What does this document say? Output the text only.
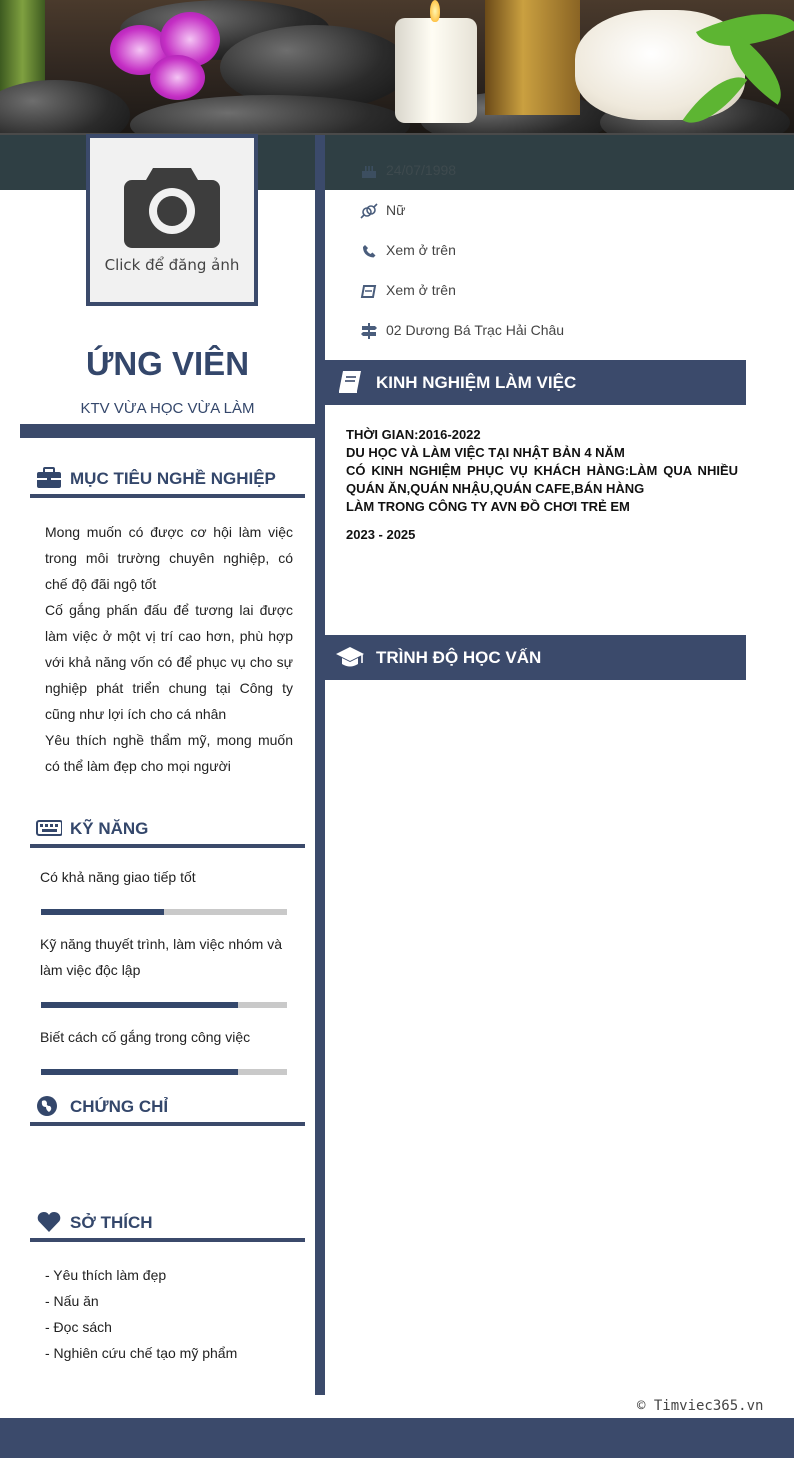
Click để đăng ảnh
ỨNG VIÊN
KTV VỪA HỌC VỪA LÀM
24/07/1998
Nữ
Xem ở trên
Xem ở trên
02 Dương Bá Trạc Hải Châu
MỤC TIÊU NGHỀ NGHIỆP
Mong muốn có được cơ hội làm việc trong môi trường chuyên nghiệp, có chế độ đãi ngộ tốt
Cố gắng phấn đấu để tương lai được làm việc ở một vị trí cao hơn, phù hợp với khả năng vốn có để phục vụ cho sự nghiệp phát triển chung tại Công ty cũng như lợi ích cho cá nhân
Yêu thích nghề thẩm mỹ, mong muốn có thể làm đẹp cho mọi người
KỸ NĂNG
Có khả năng giao tiếp tốt
Kỹ năng thuyết trình, làm việc nhóm và làm việc độc lập
Biết cách cố gắng trong công việc
CHỨNG CHỈ
SỞ THÍCH
- Yêu thích làm đẹp
- Nấu ăn
- Đọc sách
- Nghiên cứu chế tạo mỹ phẩm
KINH NGHIỆM LÀM VIỆC
THỜI GIAN:2016-2022
DU HỌC VÀ LÀM VIỆC TẠI NHẬT BẢN 4 NĂM
CÓ KINH NGHIỆM PHỤC VỤ KHÁCH HÀNG:LÀM QUA NHIỀU QUÁN ĂN,QUÁN NHẬU,QUÁN CAFE,BÁN HÀNG
LÀM TRONG CÔNG TY AVN ĐỒ CHƠI TRẺ EM
2023 - 2025
TRÌNH ĐỘ HỌC VẤN
© Timviec365.vn
